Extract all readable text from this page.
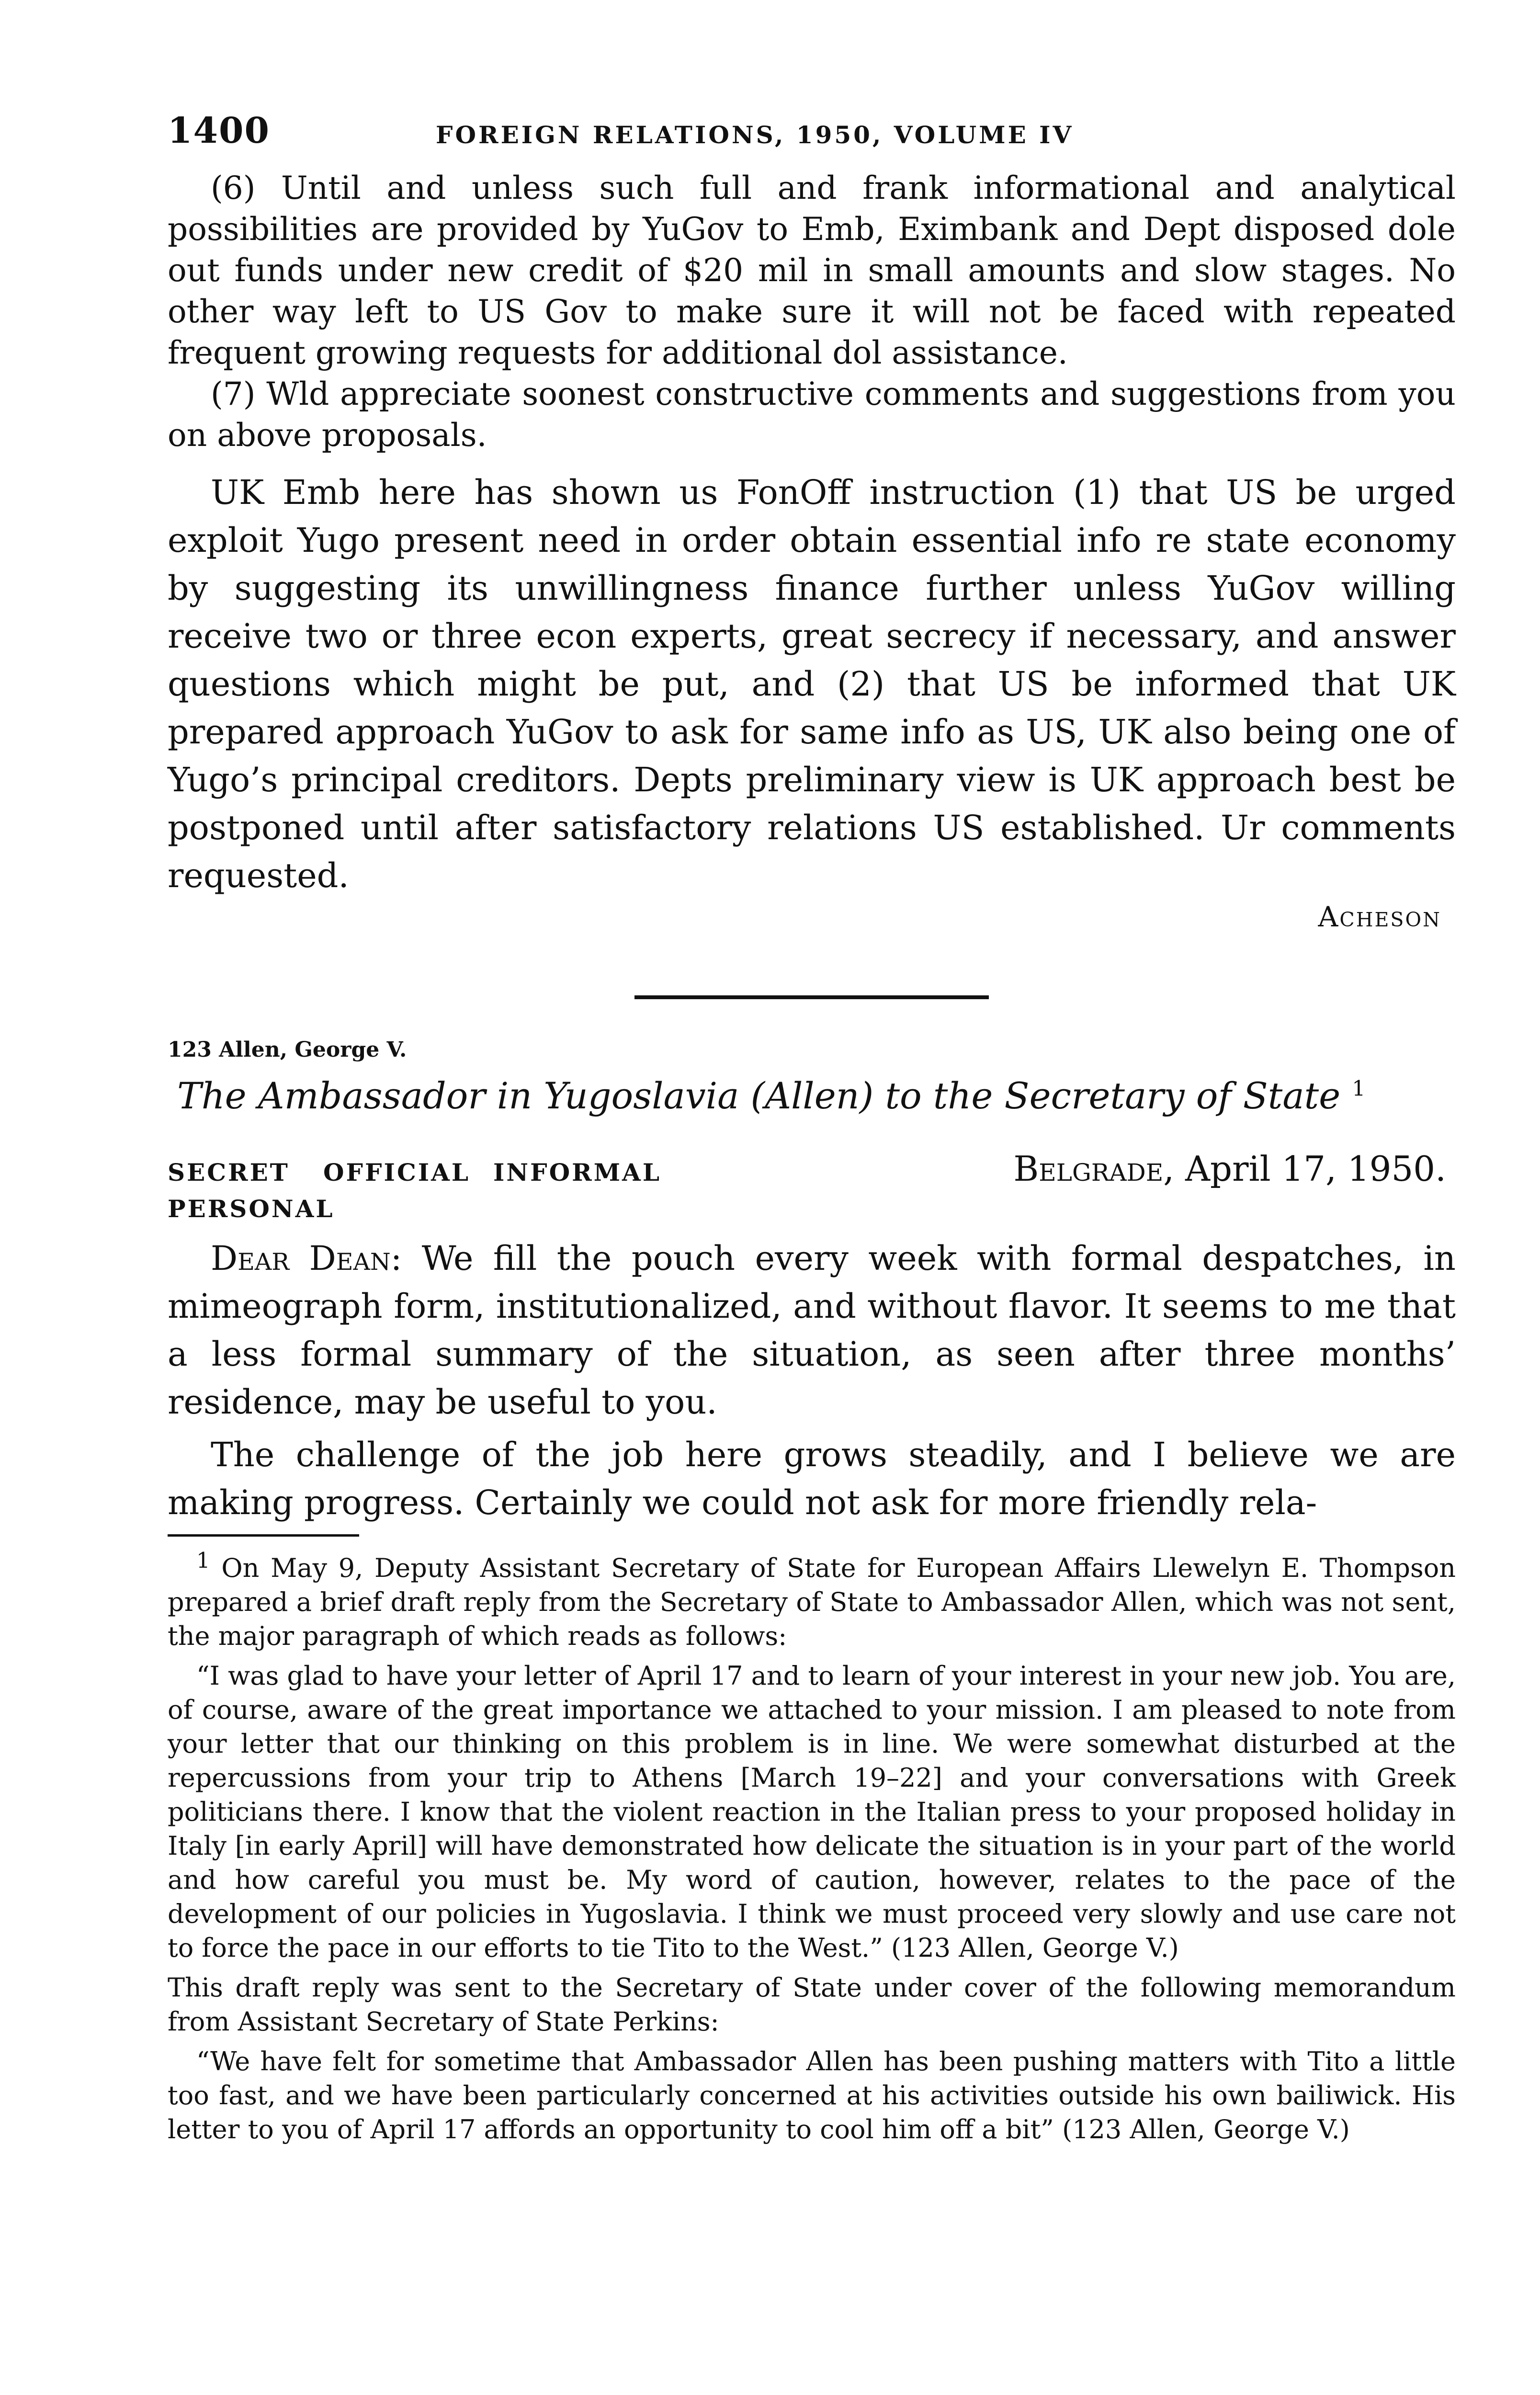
1400	FOREIGN RELATIONS, 1950, VOLUME IV

(6) Until and unless such full and frank informational and analytical possibilities are provided by YuGov to Emb, Eximbank and Dept disposed dole out funds under new credit of $20 mil in small amounts and slow stages. No other way left to US Gov to make sure it will not be faced with repeated frequent growing requests for additional dol assistance.

(7) Wld appreciate soonest constructive comments and suggestions from you on above proposals.

UK Emb here has shown us FonOff instruction (1) that US be urged exploit Yugo present need in order obtain essential info re state economy by suggesting its unwillingness finance further unless YuGov willing receive two or three econ experts, great secrecy if necessary, and answer questions which might be put, and (2) that US be informed that UK prepared approach YuGov to ask for same info as US, UK also being one of Yugo’s principal creditors. Depts preliminary view is UK approach best be postponed until after satisfactory relations US established. Ur comments requested.

Acheson
123 Allen, George V.
The Ambassador in Yugoslavia (Allen) to the Secretary of State $^1$
SECRET OFFICIAL INFORMAL	Belgrade, April 17, 1950.
PERSONAL

Dear Dean: We fill the pouch every week with formal despatches, in mimeograph form, institutionalized, and without flavor. It seems to me that a less formal summary of the situation, as seen after three months’ residence, may be useful to you.

The challenge of the job here grows steadily, and I believe we are making progress. Certainly we could not ask for more friendly rela-

$^1$ On May 9, Deputy Assistant Secretary of State for European Affairs Llewelyn E. Thompson prepared a brief draft reply from the Secretary of State to Ambassador Allen, which was not sent, the major paragraph of which reads as follows:

“I was glad to have your letter of April 17 and to learn of your interest in your new job. You are, of course, aware of the great importance we attached to your mission. I am pleased to note from your letter that our thinking on this problem is in line. We were somewhat disturbed at the repercussions from your trip to Athens [March 19–22] and your conversations with Greek politicians there. I know that the violent reaction in the Italian press to your proposed holiday in Italy [in early April] will have demonstrated how delicate the situation is in your part of the world and how careful you must be. My word of caution, however, relates to the pace of the development of our policies in Yugoslavia. I think we must proceed very slowly and use care not to force the pace in our efforts to tie Tito to the West.” (123 Allen, George V.)

This draft reply was sent to the Secretary of State under cover of the following memorandum from Assistant Secretary of State Perkins:

“We have felt for sometime that Ambassador Allen has been pushing matters with Tito a little too fast, and we have been particularly concerned at his activities outside his own bailiwick. His letter to you of April 17 affords an opportunity to cool him off a bit” (123 Allen, George V.)
